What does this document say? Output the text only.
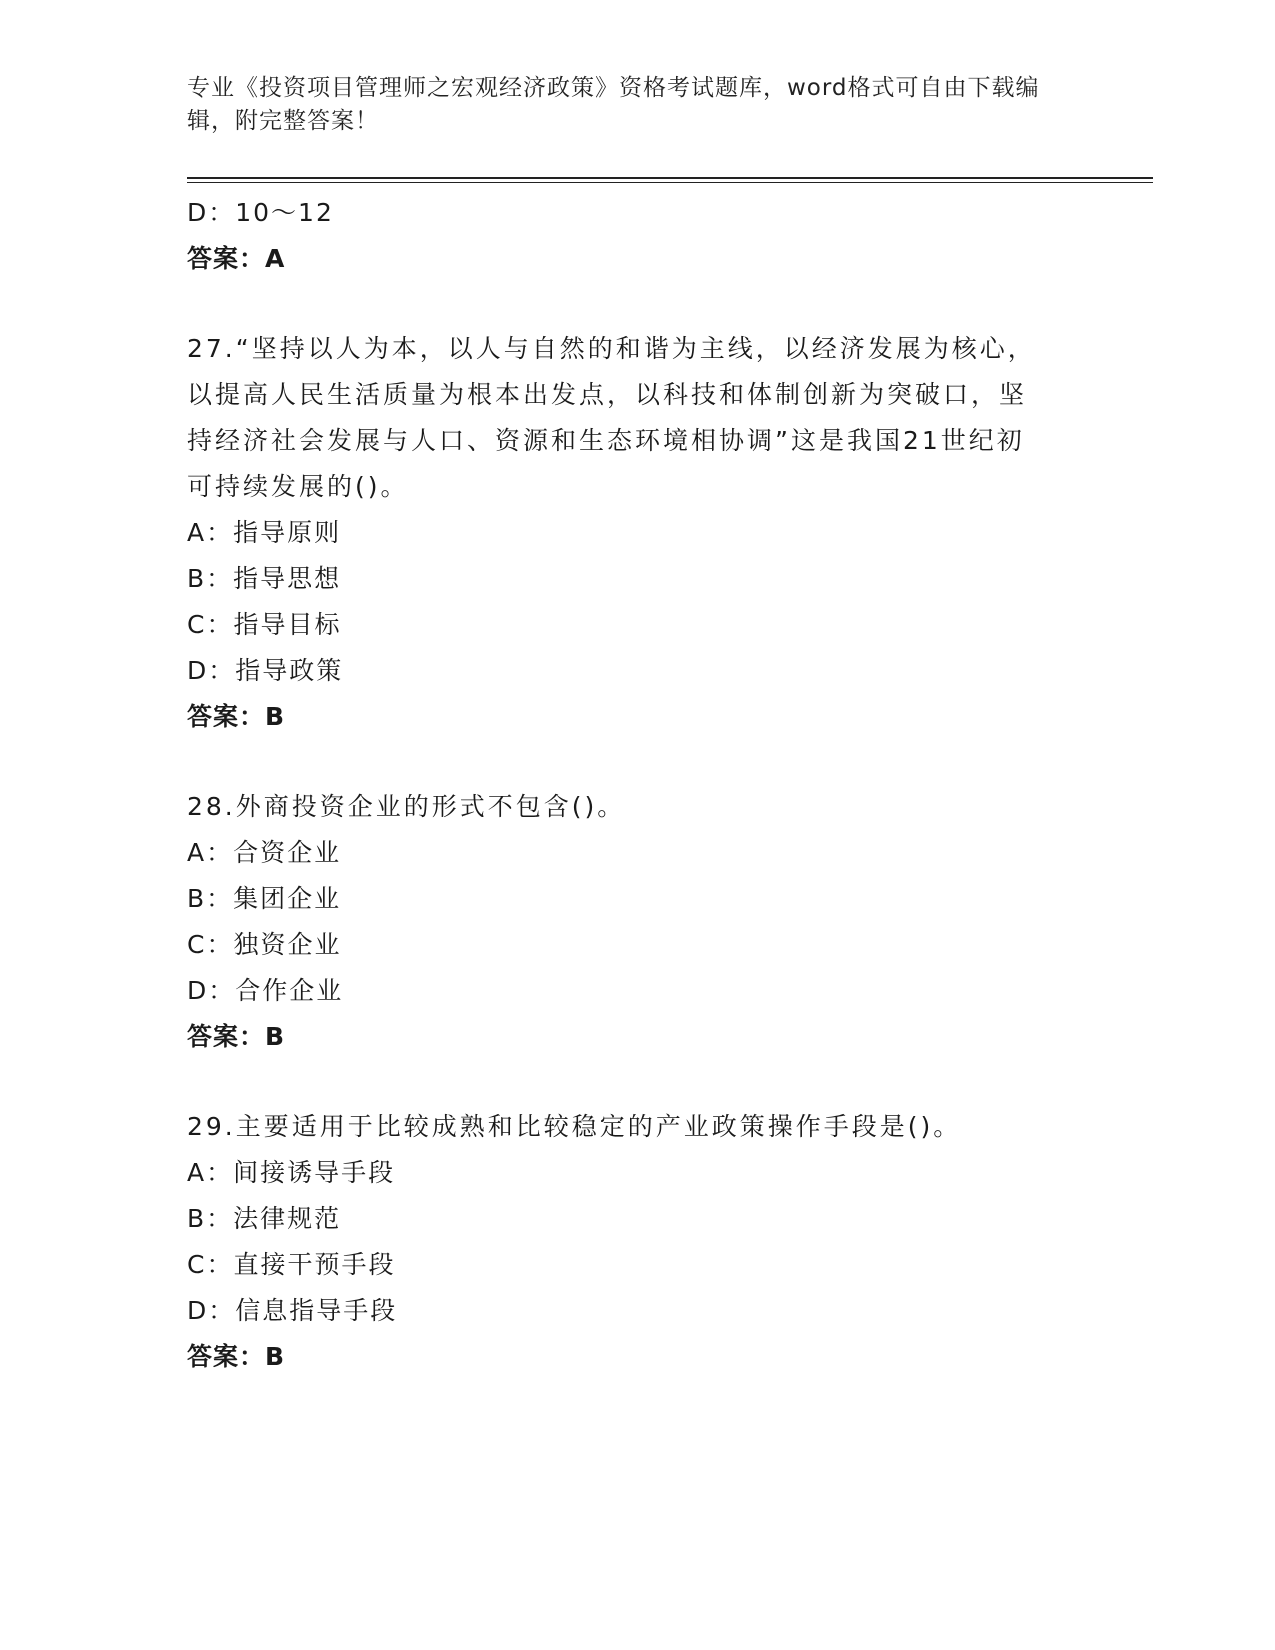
专业《投资项目管理师之宏观经济政策》资格考试题库，word格式可自由下载编
辑，附完整答案！
D：10～12
答案：A
27.“坚持以人为本，以人与自然的和谐为主线，以经济发展为核心，
以提高人民生活质量为根本出发点，以科技和体制创新为突破口，坚
持经济社会发展与人口、资源和生态环境相协调”这是我国21世纪初
可持续发展的()。
A：指导原则
B：指导思想
C：指导目标
D：指导政策
答案：B
28.外商投资企业的形式不包含()。
A：合资企业
B：集团企业
C：独资企业
D：合作企业
答案：B
29.主要适用于比较成熟和比较稳定的产业政策操作手段是()。
A：间接诱导手段
B：法律规范
C：直接干预手段
D：信息指导手段
答案：B
